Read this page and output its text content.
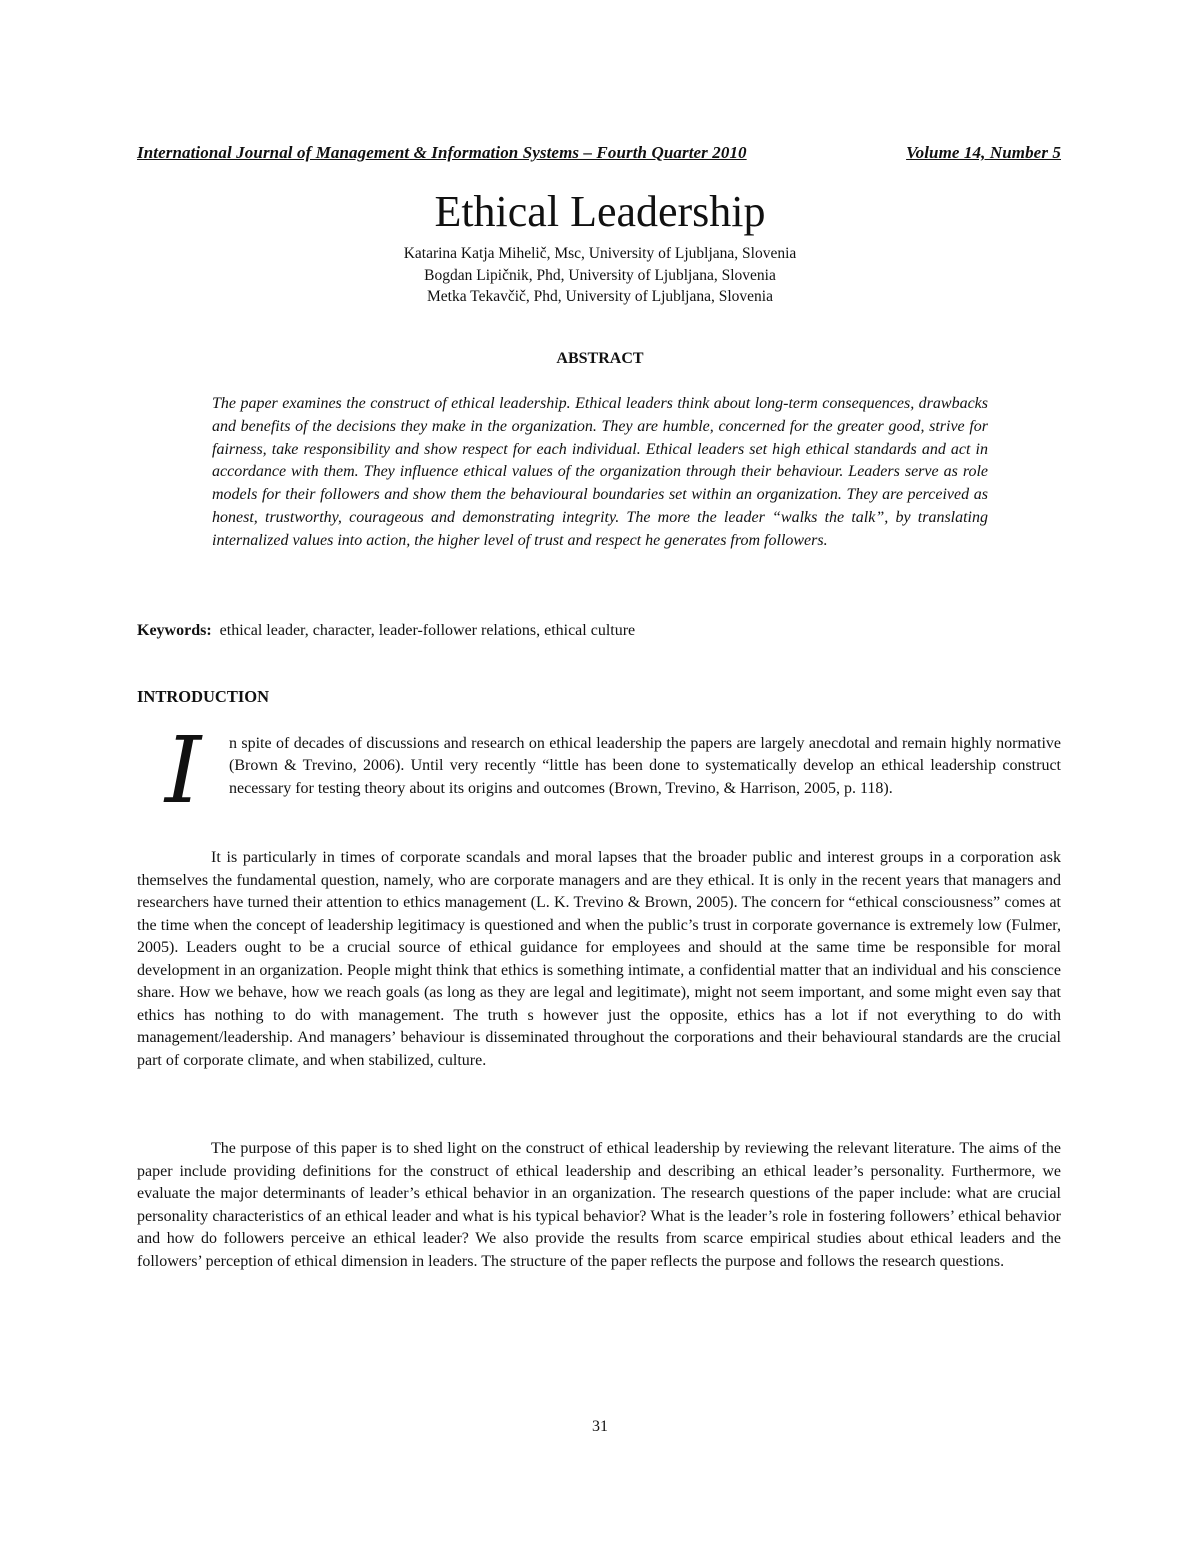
International Journal of Management & Information Systems – Fourth Quarter 2010	Volume 14, Number 5
Ethical Leadership
Katarina Katja Mihelič, Msc, University of Ljubljana, Slovenia
Bogdan Lipičnik, Phd, University of Ljubljana, Slovenia
Metka Tekavčič, Phd, University of Ljubljana, Slovenia
ABSTRACT
The paper examines the construct of ethical leadership. Ethical leaders think about long-term consequences, drawbacks and benefits of the decisions they make in the organization. They are humble, concerned for the greater good, strive for fairness, take responsibility and show respect for each individual. Ethical leaders set high ethical standards and act in accordance with them. They influence ethical values of the organization through their behaviour. Leaders serve as role models for their followers and show them the behavioural boundaries set within an organization. They are perceived as honest, trustworthy, courageous and demonstrating integrity. The more the leader “walks the talk”, by translating internalized values into action, the higher level of trust and respect he generates from followers.
Keywords: ethical leader, character, leader-follower relations, ethical culture
INTRODUCTION
I	n spite of decades of discussions and research on ethical leadership the papers are largely anecdotal and remain highly normative (Brown & Trevino, 2006). Until very recently “little has been done to systematically develop an ethical leadership construct necessary for testing theory about its origins and outcomes (Brown, Trevino, & Harrison, 2005, p. 118).
It is particularly in times of corporate scandals and moral lapses that the broader public and interest groups in a corporation ask themselves the fundamental question, namely, who are corporate managers and are they ethical. It is only in the recent years that managers and researchers have turned their attention to ethics management (L. K. Trevino & Brown, 2005). The concern for “ethical consciousness” comes at the time when the concept of leadership legitimacy is questioned and when the public’s trust in corporate governance is extremely low (Fulmer, 2005). Leaders ought to be a crucial source of ethical guidance for employees and should at the same time be responsible for moral development in an organization. People might think that ethics is something intimate, a confidential matter that an individual and his conscience share. How we behave, how we reach goals (as long as they are legal and legitimate), might not seem important, and some might even say that ethics has nothing to do with management. The truth s however just the opposite, ethics has a lot if not everything to do with management/leadership. And managers’ behaviour is disseminated throughout the corporations and their behavioural standards are the crucial part of corporate climate, and when stabilized, culture.
The purpose of this paper is to shed light on the construct of ethical leadership by reviewing the relevant literature. The aims of the paper include providing definitions for the construct of ethical leadership and describing an ethical leader’s personality. Furthermore, we evaluate the major determinants of leader’s ethical behavior in an organization. The research questions of the paper include: what are crucial personality characteristics of an ethical leader and what is his typical behavior? What is the leader’s role in fostering followers’ ethical behavior and how do followers perceive an ethical leader? We also provide the results from scarce empirical studies about ethical leaders and the followers’ perception of ethical dimension in leaders. The structure of the paper reflects the purpose and follows the research questions.
31
